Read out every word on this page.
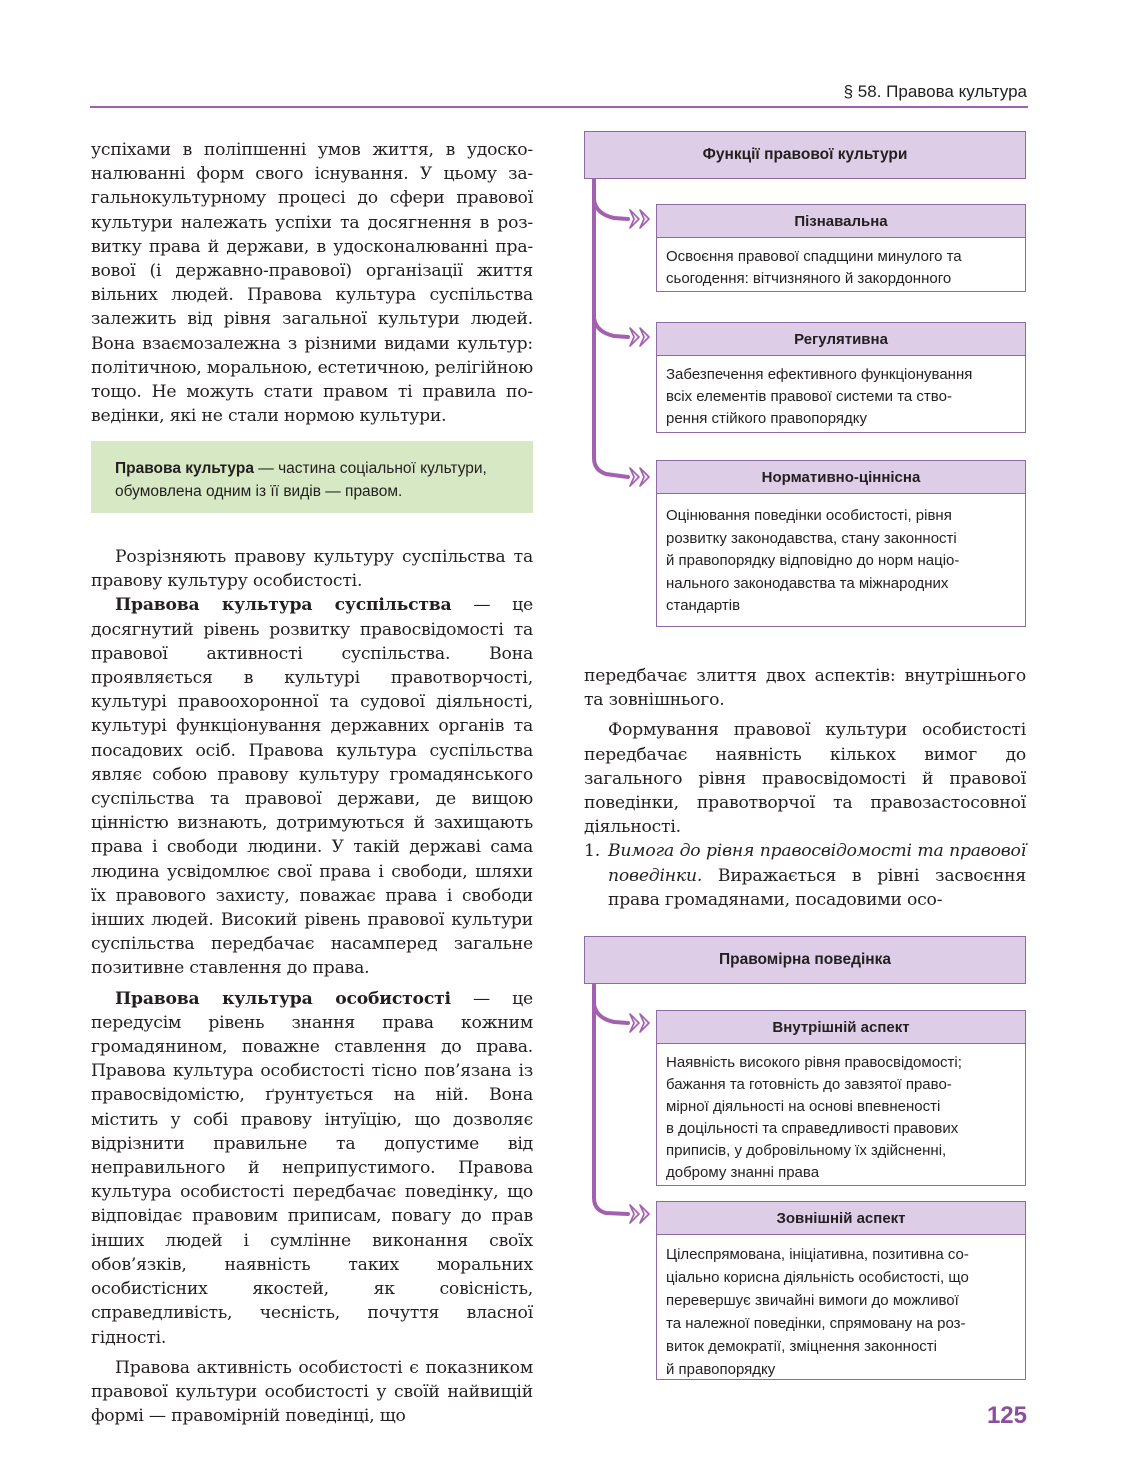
§ 58. Правова культура
успіхами в поліпшенні умов життя, в удоско-
налюванні форм свого існування. У цьому за-
гальнокультурному процесі до сфери правової
культури належать успіхи та досягнення в роз-
витку права й держави, в удосконалюванні пра-
вової (і державно-правової) організації життя
вільних людей. Правова культура суспільства
залежить від рівня загальної культури людей.
Вона взаємозалежна з різними видами культур:
політичною, моральною, естетичною, релігійною
тощо. Не можуть стати правом ті правила по-
ведінки, які не стали нормою культури.
Правова культура — частина соціальної культури, обумовлена одним із її видів — правом.

Розрізняють правову культуру суспільства та правову культуру особистості.

Правова культура суспільства — це досягнутий рівень розвитку правосвідомості та правової активності суспільства. Вона проявляється в культурі правотворчості, культурі правоохоронної та судової діяльності, культурі функціонування державних органів та посадових осіб. Правова культура суспільства являє собою правову культуру громадянського суспільства та правової держави, де вищою цінністю визнають, дотримуються й захищають права і свободи людини. У такій державі сама людина усвідомлює свої права і свободи, шляхи їх правового захисту, поважає права і свободи інших людей. Високий рівень правової культури суспільства передбачає насамперед загальне позитивне ставлення до права.

Правова культура особистості — це передусім рівень знання права кожним громадянином, поважне ставлення до права. Правова культура особистості тісно пов’язана із правосвідомістю, ґрунтується на ній. Вона містить у собі правову інтуїцію, що дозволяє відрізнити правильне та допустиме від неправильного й неприпустимого. Правова культура особистості передбачає поведінку, що відповідає правовим приписам, повагу до прав інших людей і сумлінне виконання своїх обов’язків, наявність таких моральних особистісних якостей, як совісність, справедливість, чесність, почуття власної гідності.

Правова активність особистості є показником правової культури особистості у своїй найвищій формі — правомірній поведінці, що

Функції правової культури
Пізнавальна
Освоєння правової спадщини минулого та
сьогодення: вітчизняного й закордонного
Регулятивна
Забезпечення ефективного функціонування
всіх елементів правової системи та ство-
рення стійкого правопорядку
Нормативно-ціннісна
Оцінювання поведінки особистості, рівня
розвитку законодавства, стану законності
й правопорядку відповідно до норм націо-
нального законодавства та міжнародних
стандартів

передбачає злиття двох аспектів: внутрішнього та зовнішнього.

Формування правової культури особистості передбачає наявність кількох вимог до загального рівня правосвідомості й правової поведінки, правотворчої та правозастосовної діяльності.

1. Вимога до рівня правосвідомості та правової поведінки. Виражається в рівні засвоєння права громадянами, посадовими осо-
Правомірна поведінка
Внутрішній аспект
Наявність високого рівня правосвідомості;
бажання та готовність до завзятої право-
мірної діяльності на основі впевненості
в доцільності та справедливості правових
приписів, у добровільному їх здійсненні,
доброму знанні права
Зовнішній аспект
Цілеспрямована, ініціативна, позитивна со-
ціально корисна діяльність особистості, що
перевершує звичайні вимоги до можливої
та належної поведінки, спрямовану на роз-
виток демократії, зміцнення законності
й правопорядку
125
